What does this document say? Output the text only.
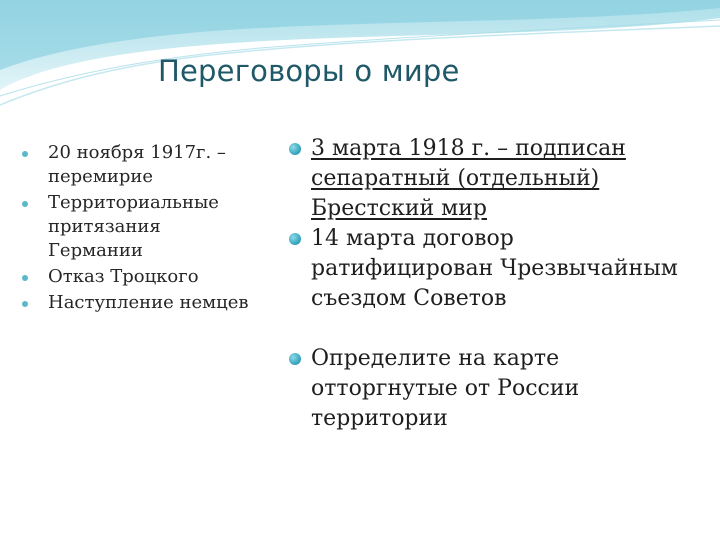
Переговоры о мире
20 ноября 1917г. – перемирие
Территориальные притязания Германии
Отказ Троцкого
Наступление немцев
3 марта 1918 г. – подписан сепаратный (отдельный) Брестский мир
14 марта договор ратифицирован Чрезвычайным съездом Советов
Определите на карте отторгнутые от России территории
